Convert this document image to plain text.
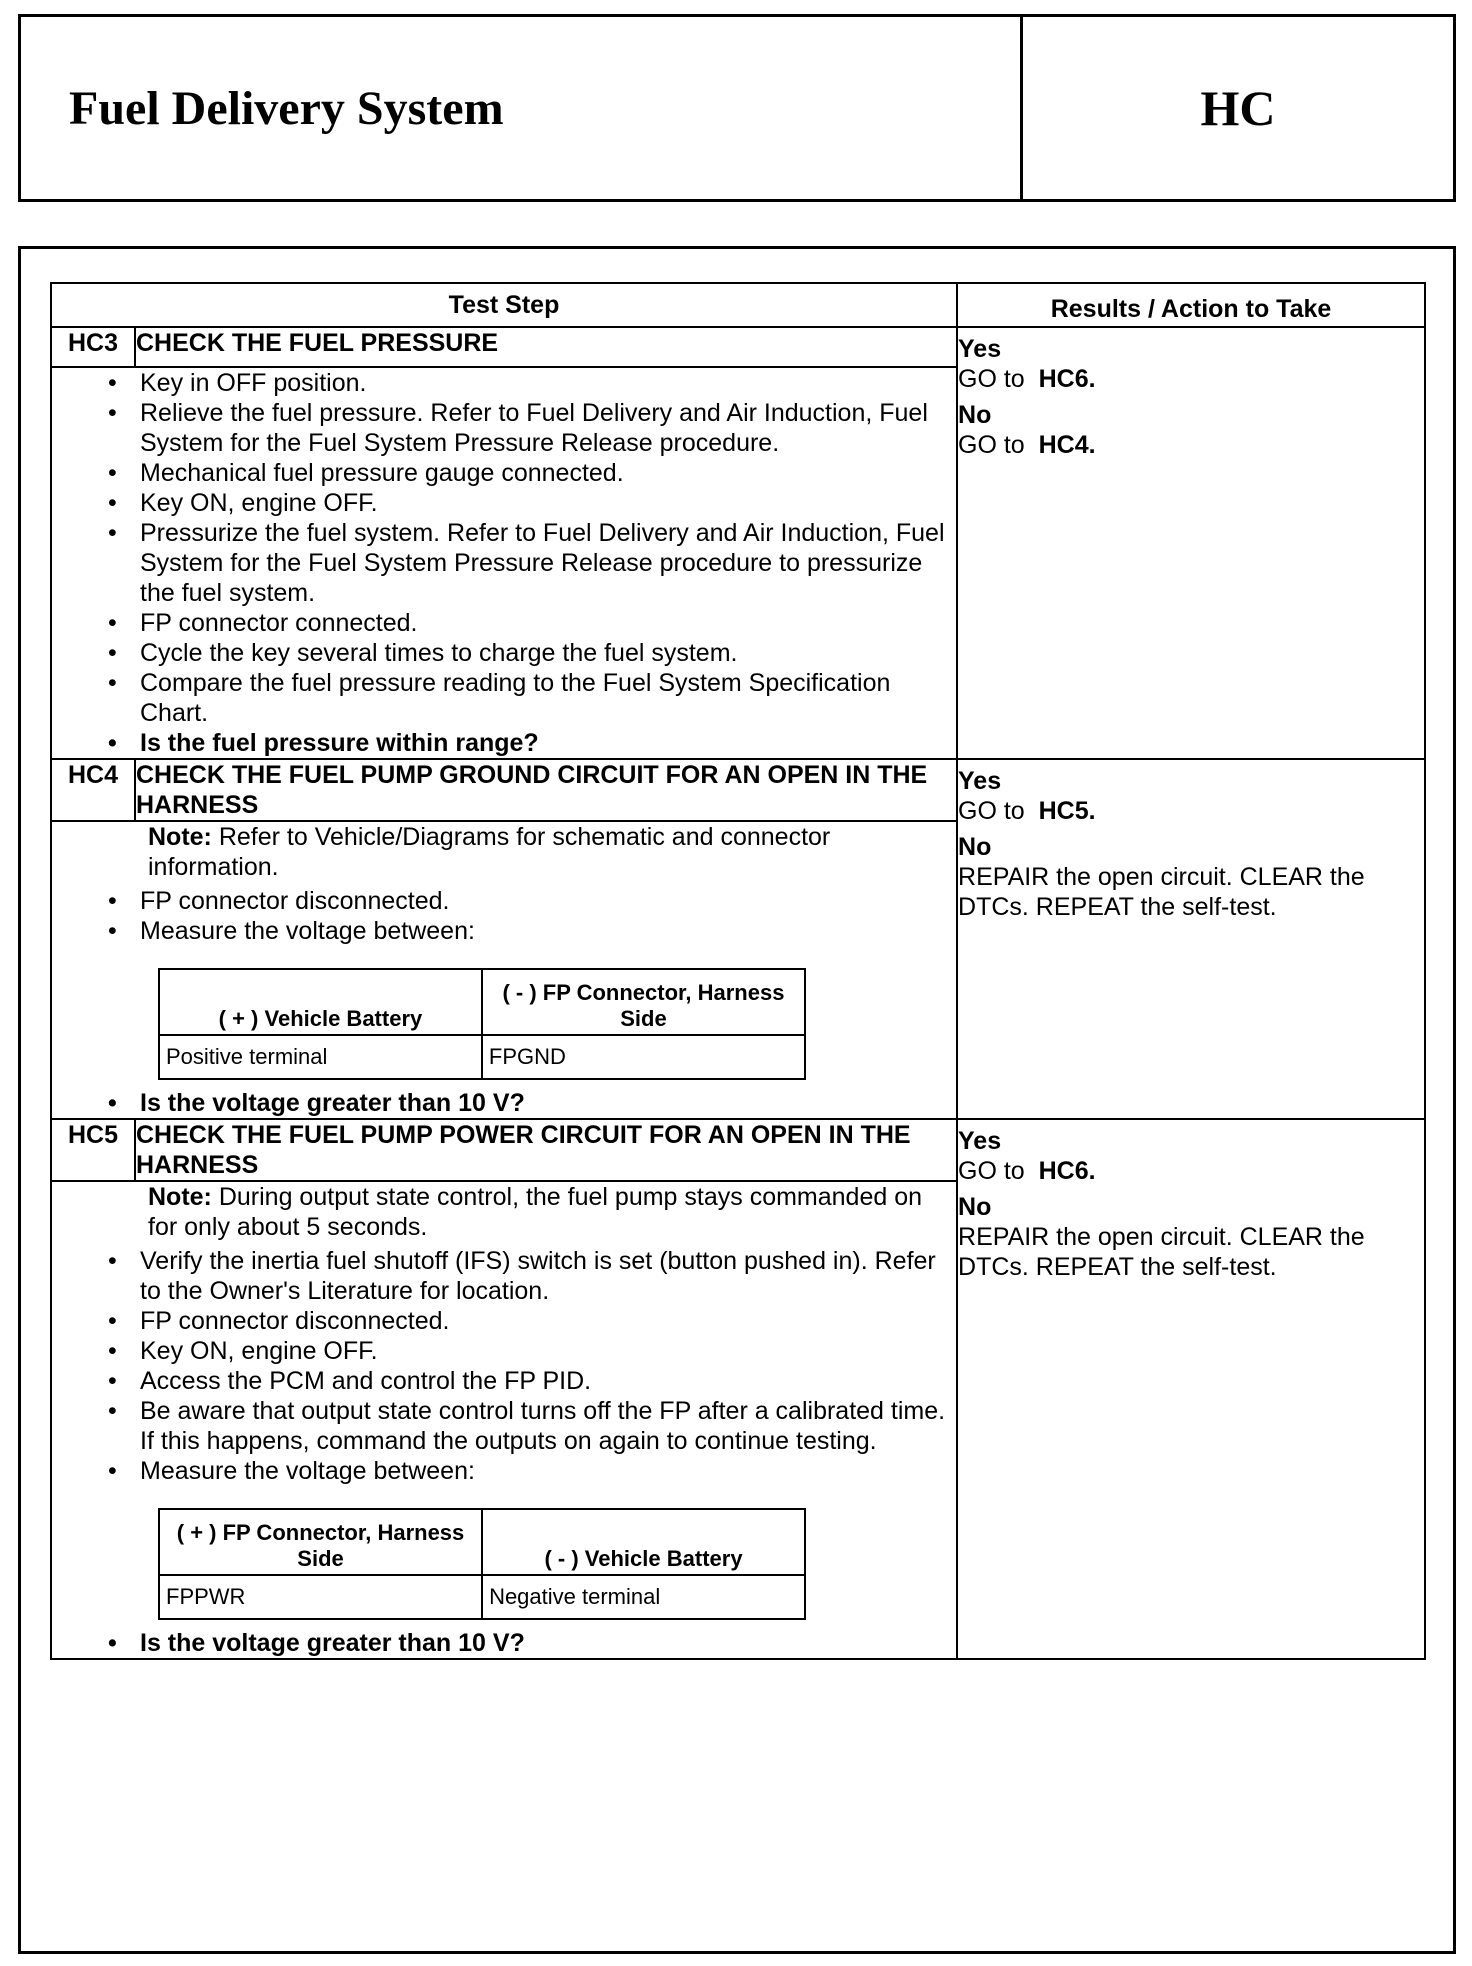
Fuel Delivery System	HC
Test Step	Results / Action to Take
HC3	CHECK THE FUEL PRESSURE	Yes
GO to HC6.
No
GO to HC4.

• Key in OFF position.
• Relieve the fuel pressure. Refer to Fuel Delivery and Air Induction, Fuel System for the Fuel System Pressure Release procedure.
• Mechanical fuel pressure gauge connected.
• Key ON, engine OFF.
• Pressurize the fuel system. Refer to Fuel Delivery and Air Induction, Fuel System for the Fuel System Pressure Release procedure to pressurize the fuel system.
• FP connector connected.
• Cycle the key several times to charge the fuel system.
• Compare the fuel pressure reading to the Fuel System Specification Chart.
• Is the fuel pressure within range?

HC4	CHECK THE FUEL PUMP GROUND CIRCUIT FOR AN OPEN IN THE HARNESS	
Yes
GO to HC5.
No
REPAIR the open circuit. CLEAR the DTCs. REPEAT the self-test.

Note: Refer to Vehicle/Diagrams for schematic and connector information.
• FP connector disconnected.
• Measure the voltage between:
( + ) Vehicle Battery	( - ) FP Connector, Harness Side
Positive terminal	FPGND
• Is the voltage greater than 10 V?

HC5	CHECK THE FUEL PUMP POWER CIRCUIT FOR AN OPEN IN THE HARNESS	
Yes
GO to HC6.
No
REPAIR the open circuit. CLEAR the DTCs. REPEAT the self-test.

Note: During output state control, the fuel pump stays commanded on for only about 5 seconds.
• Verify the inertia fuel shutoff (IFS) switch is set (button pushed in). Refer to the Owner's Literature for location.
• FP connector disconnected.
• Key ON, engine OFF.
• Access the PCM and control the FP PID.
• Be aware that output state control turns off the FP after a calibrated time. If this happens, command the outputs on again to continue testing.
• Measure the voltage between:
( + ) FP Connector, Harness Side	( - ) Vehicle Battery
FPPWR	Negative terminal
• Is the voltage greater than 10 V?
